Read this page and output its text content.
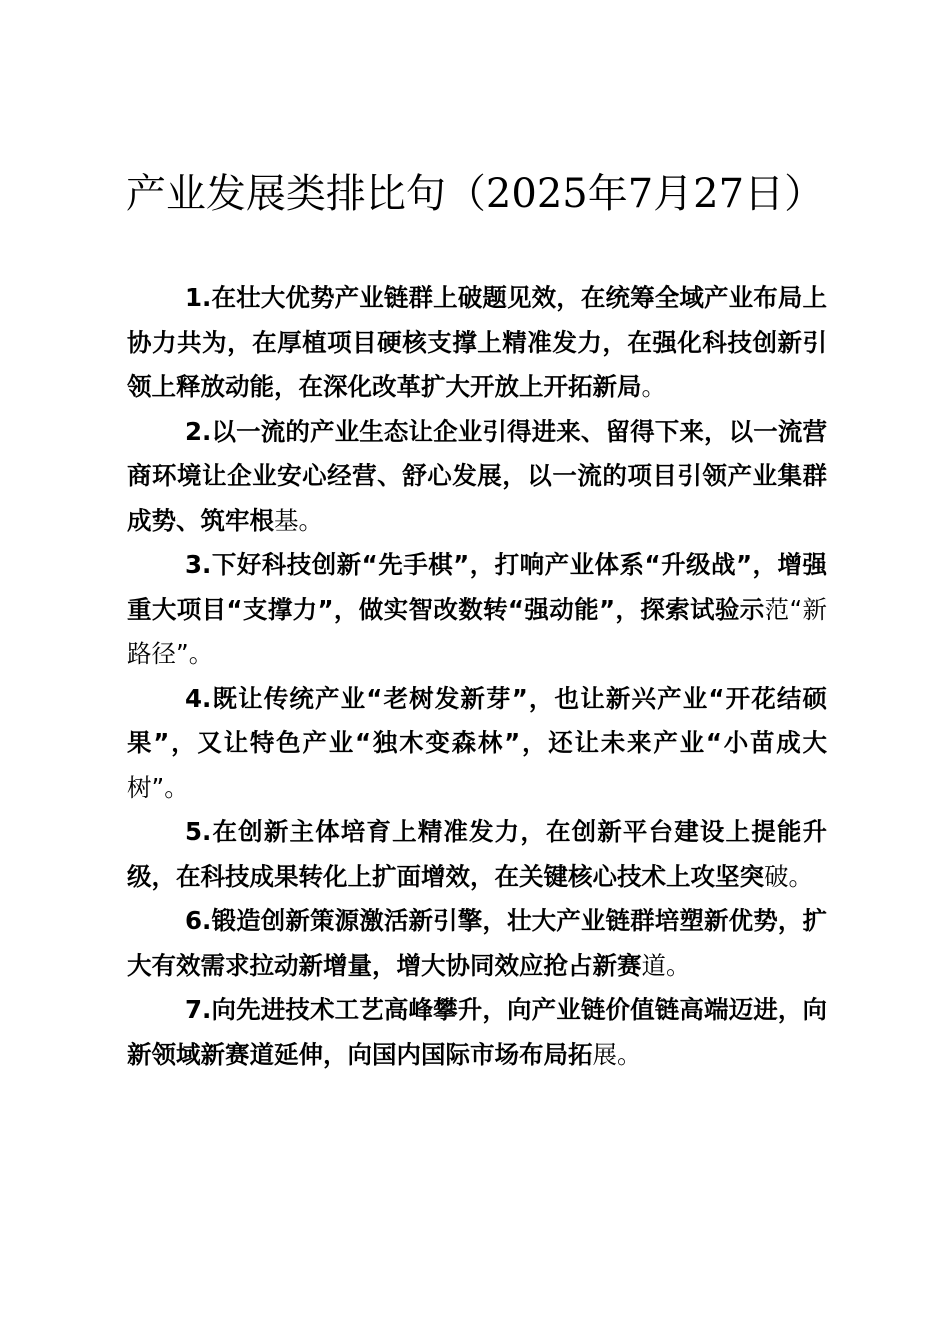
产业发展类排比句（2025年7月27日）

1.在壮大优势产业链群上破题见效，在统筹全域产业布局上协力共为，在厚植项目硬核支撑上精准发力，在强化科技创新引领上释放动能，在深化改革扩大开放上开拓新局。

2.以一流的产业生态让企业引得进来、留得下来，以一流营商环境让企业安心经营、舒心发展，以一流的项目引领产业集群成势、筑牢根基。

3.下好科技创新“先手棋”，打响产业体系“升级战”，增强重大项目“支撑力”，做实智改数转“强动能”，探索试验示范“新路径”。

4.既让传统产业“老树发新芽”，也让新兴产业“开花结硕果”，又让特色产业“独木变森林”，还让未来产业“小苗成大树”。

5.在创新主体培育上精准发力，在创新平台建设上提能升级，在科技成果转化上扩面增效，在关键核心技术上攻坚突破。

6.锻造创新策源激活新引擎，壮大产业链群培塑新优势，扩大有效需求拉动新增量，增大协同效应抢占新赛道。

7.向先进技术工艺高峰攀升，向产业链价值链高端迈进，向新领域新赛道延伸，向国内国际市场布局拓展。
